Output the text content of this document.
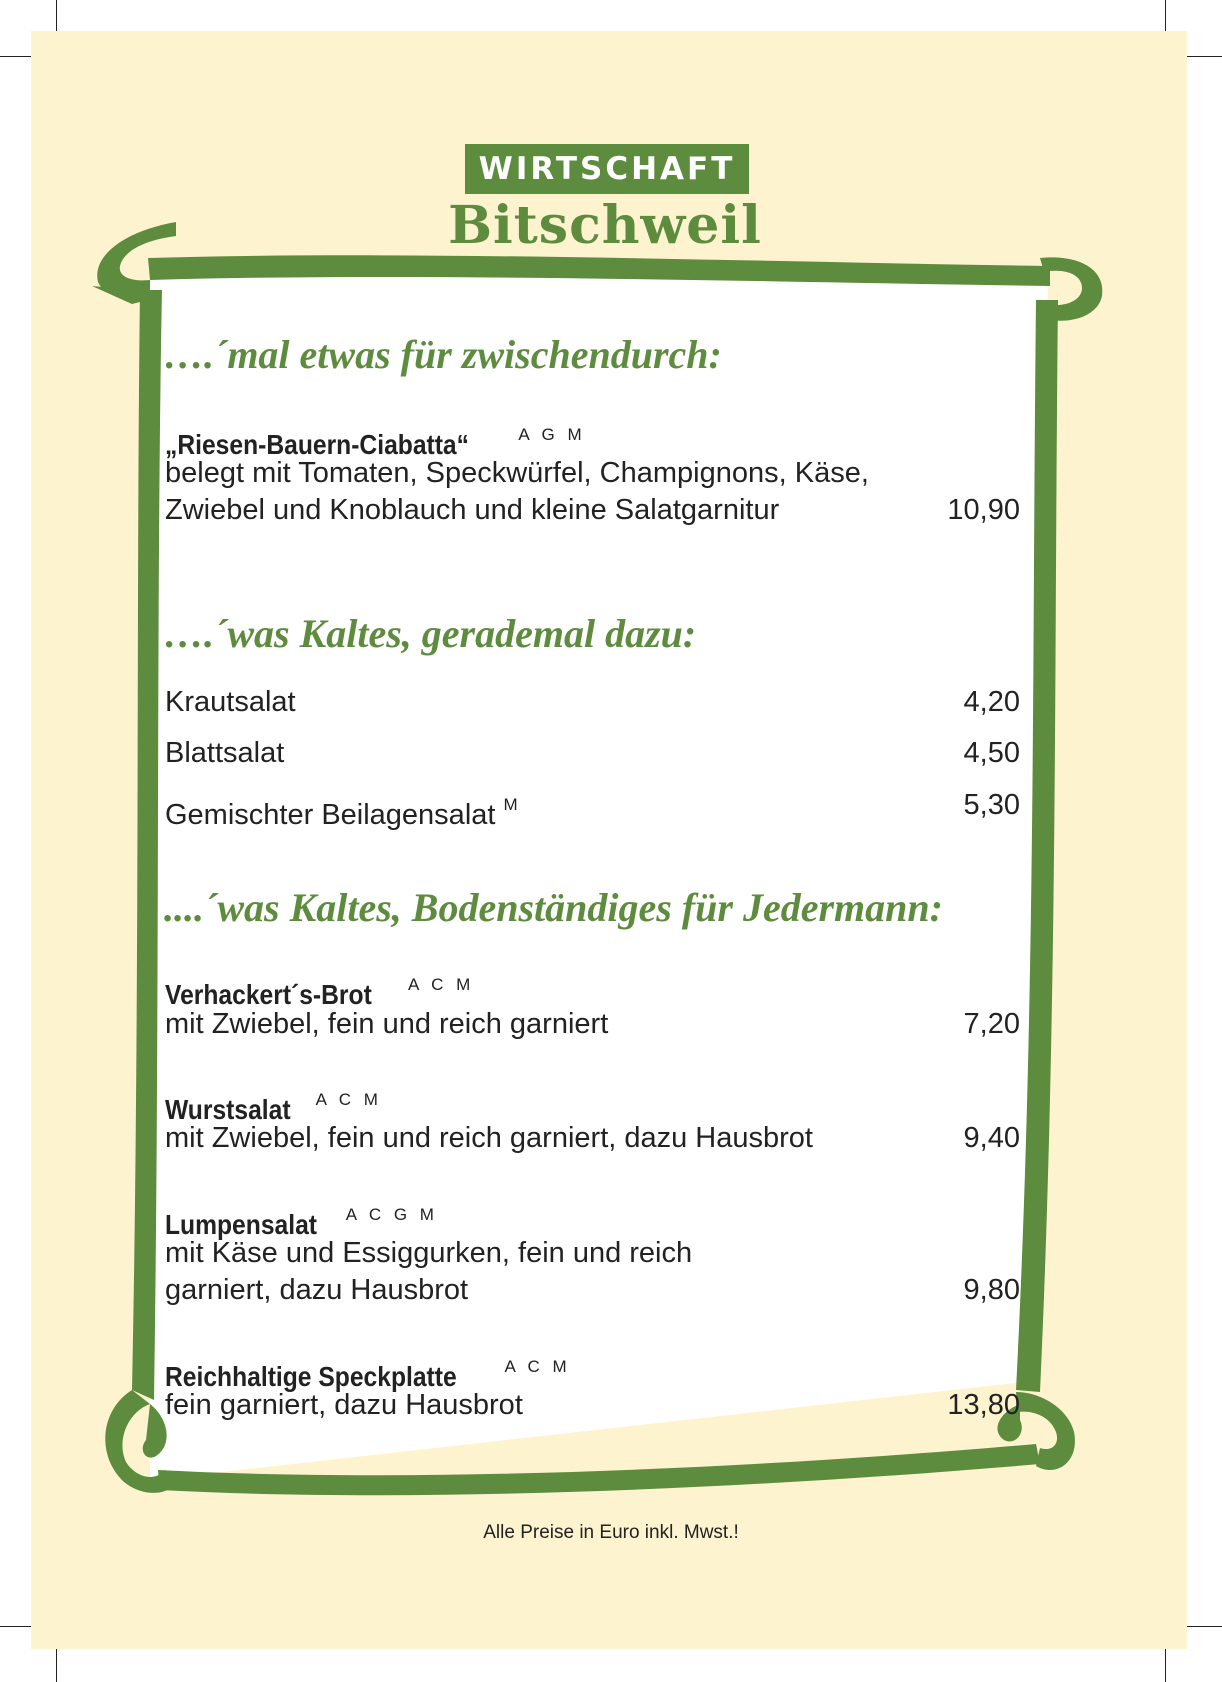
WIRTSCHAFT
Bitschweil
….´mal etwas für zwischendurch:
„Riesen-Bauern-Ciabatta“	$^{A G M}$
belegt mit Tomaten, Speckwürfel, Champignons, Käse,
Zwiebel und Knoblauch und kleine Salatgarnitur	10,90
….´was Kaltes, gerademal dazu:
Krautsalat	4,20
Blattsalat	4,50
Gemischter Beilagensalat $^M$	5,30
....´was Kaltes, Bodenständiges für Jedermann:
Verhackert´s-Brot $^{A C M}$
mit Zwiebel, fein und reich garniert	7,20
Wurstsalat $^{A C M}$
mit Zwiebel, fein und reich garniert, dazu Hausbrot	9,40
Lumpensalat $^{A C G M}$
mit Käse und Essiggurken, fein und reich
garniert, dazu Hausbrot	9,80
Reichhaltige Speckplatte	$^{A C M}$
fein garniert, dazu Hausbrot	13,80
Alle Preise in Euro inkl. Mwst.!
